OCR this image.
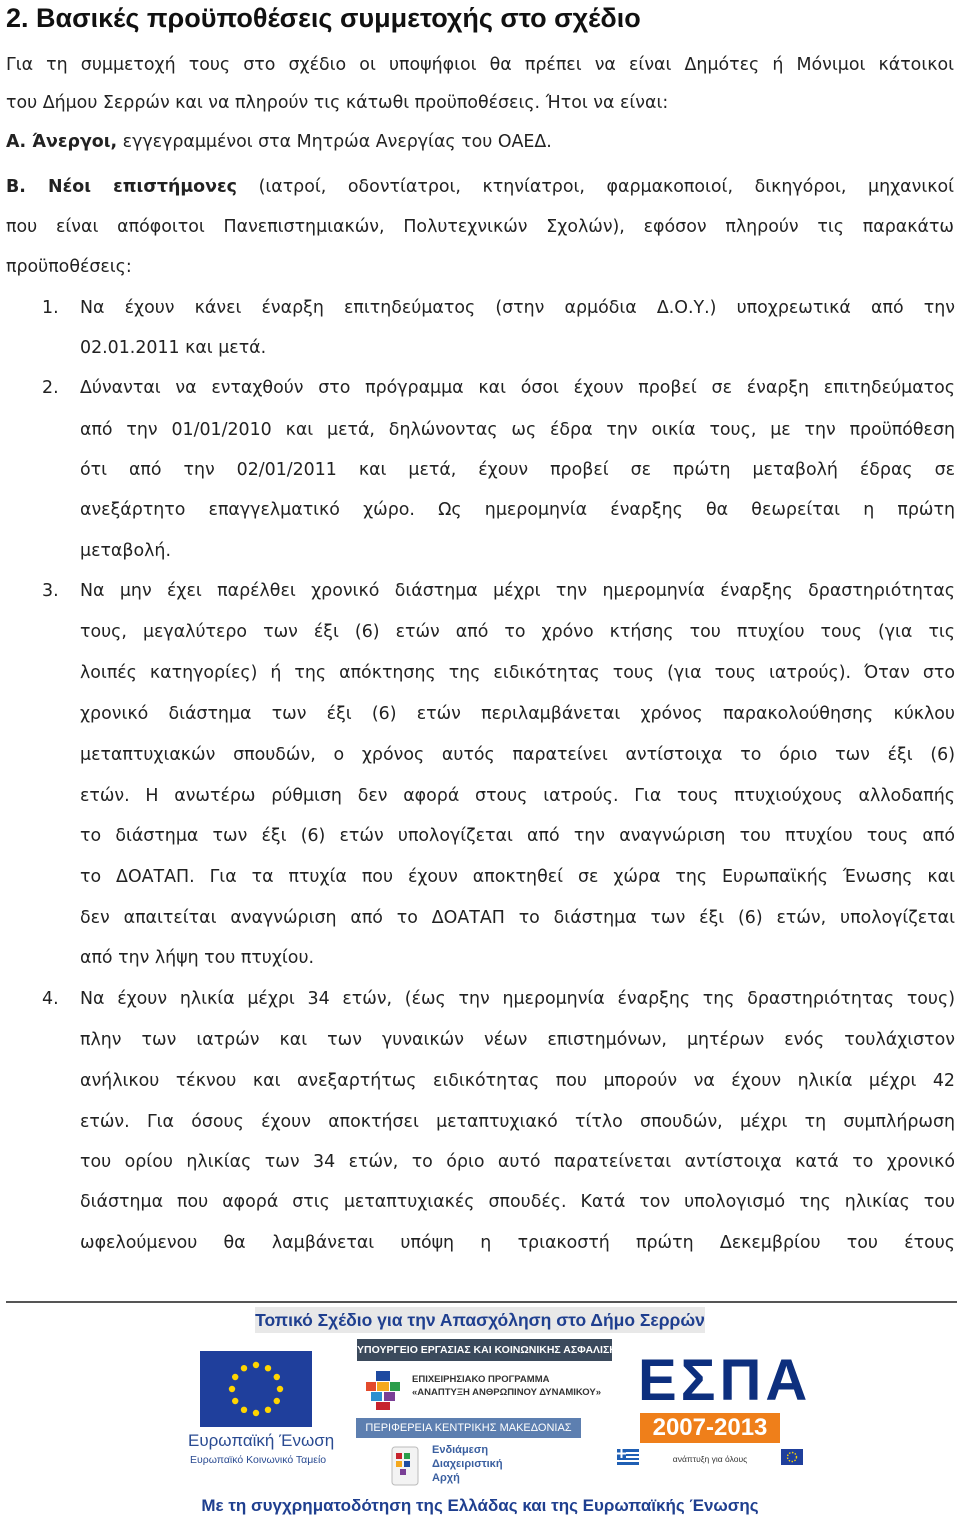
2. Βασικές προϋποθέσεις συμμετοχής στο σχέδιο
Για τη συμμετοχή τους στο σχέδιο οι υποψήφιοι θα πρέπει να είναι Δημότες ή Μόνιμοι κάτοικοι
του Δήμου Σερρών και να πληρούν τις κάτωθι προϋποθέσεις. Ήτοι να είναι:
Α. Άνεργοι, εγγεγραμμένοι στα Μητρώα Ανεργίας του ΟΑΕΔ.
Β. Νέοι επιστήμονες (ιατροί, οδοντίατροι, κτηνίατροι, φαρμακοποιοί, δικηγόροι, μηχανικοί
που είναι απόφοιτοι Πανεπιστημιακών, Πολυτεχνικών Σχολών), εφόσον πληρούν τις παρακάτω
προϋποθέσεις:
1. Να έχουν κάνει έναρξη επιτηδεύματος (στην αρμόδια Δ.Ο.Υ.) υποχρεωτικά από την
02.01.2011 και μετά.
2. Δύνανται να ενταχθούν στο πρόγραμμα και όσοι έχουν προβεί σε έναρξη επιτηδεύματος
από την 01/01/2010 και μετά, δηλώνοντας ως έδρα την οικία τους, με την προϋπόθεση
ότι από την 02/01/2011 και μετά, έχουν προβεί σε πρώτη μεταβολή έδρας σε
ανεξάρτητο επαγγελματικό χώρο. Ως ημερομηνία έναρξης θα θεωρείται η πρώτη
μεταβολή.
3. Να μην έχει παρέλθει χρονικό διάστημα μέχρι την ημερομηνία έναρξης δραστηριότητας
τους, μεγαλύτερο των έξι (6) ετών από το χρόνο κτήσης του πτυχίου τους (για τις
λοιπές κατηγορίες) ή της απόκτησης της ειδικότητας τους (για τους ιατρούς). Όταν στο
χρονικό διάστημα των έξι (6) ετών περιλαμβάνεται χρόνος παρακολούθησης κύκλου
μεταπτυχιακών σπουδών, ο χρόνος αυτός παρατείνει αντίστοιχα το όριο των έξι (6)
ετών. Η ανωτέρω ρύθμιση δεν αφορά στους ιατρούς. Για τους πτυχιούχους αλλοδαπής
το διάστημα των έξι (6) ετών υπολογίζεται από την αναγνώριση του πτυχίου τους από
το ΔΟΑΤΑΠ. Για τα πτυχία που έχουν αποκτηθεί σε χώρα της Ευρωπαϊκής Ένωσης και
δεν απαιτείται αναγνώριση από το ΔΟΑΤΑΠ το διάστημα των έξι (6) ετών, υπολογίζεται
από την λήψη του πτυχίου.
4. Να έχουν ηλικία μέχρι 34 ετών, (έως την ημερομηνία έναρξης της δραστηριότητας τους)
πλην των ιατρών και των γυναικών νέων επιστημόνων, μητέρων ενός τουλάχιστον
ανήλικου τέκνου και ανεξαρτήτως ειδικότητας που μπορούν να έχουν ηλικία μέχρι 42
ετών. Για όσους έχουν αποκτήσει μεταπτυχιακό τίτλο σπουδών, μέχρι τη συμπλήρωση
του ορίου ηλικίας των 34 ετών, το όριο αυτό παρατείνεται αντίστοιχα κατά το χρονικό
διάστημα που αφορά στις μεταπτυχιακές σπουδές. Κατά τον υπολογισμό της ηλικίας του
ωφελούμενου θα λαμβάνεται υπόψη η τριακοστή πρώτη Δεκεμβρίου του έτους
Τοπικό Σχέδιο για την Απασχόληση στο Δήμο Σερρών
Ευρωπαϊκή Ένωση
Ευρωπαϊκό Κοινωνικό Ταμείο
ΥΠΟΥΡΓΕΙΟ ΕΡΓΑΣΙΑΣ ΚΑΙ ΚΟΙΝΩΝΙΚΗΣ ΑΣΦΑΛΙΣΗΣ
ΕΠΙΧΕΙΡΗΣΙΑΚΟ ΠΡΟΓΡΑΜΜΑ
«ΑΝΑΠΤΥΞΗ ΑΝΘΡΩΠΙΝΟΥ ΔΥΝΑΜΙΚΟΥ»
ΠΕΡΙΦΕΡΕΙΑ ΚΕΝΤΡΙΚΗΣ ΜΑΚΕΔΟΝΙΑΣ
Ενδιάμεση
Διαχειριστική
Αρχή
ΕΣΠΑ
2007-2013
ανάπτυξη για όλους
Με τη συγχρηματοδότηση της Ελλάδας και της Ευρωπαϊκής Ένωσης
